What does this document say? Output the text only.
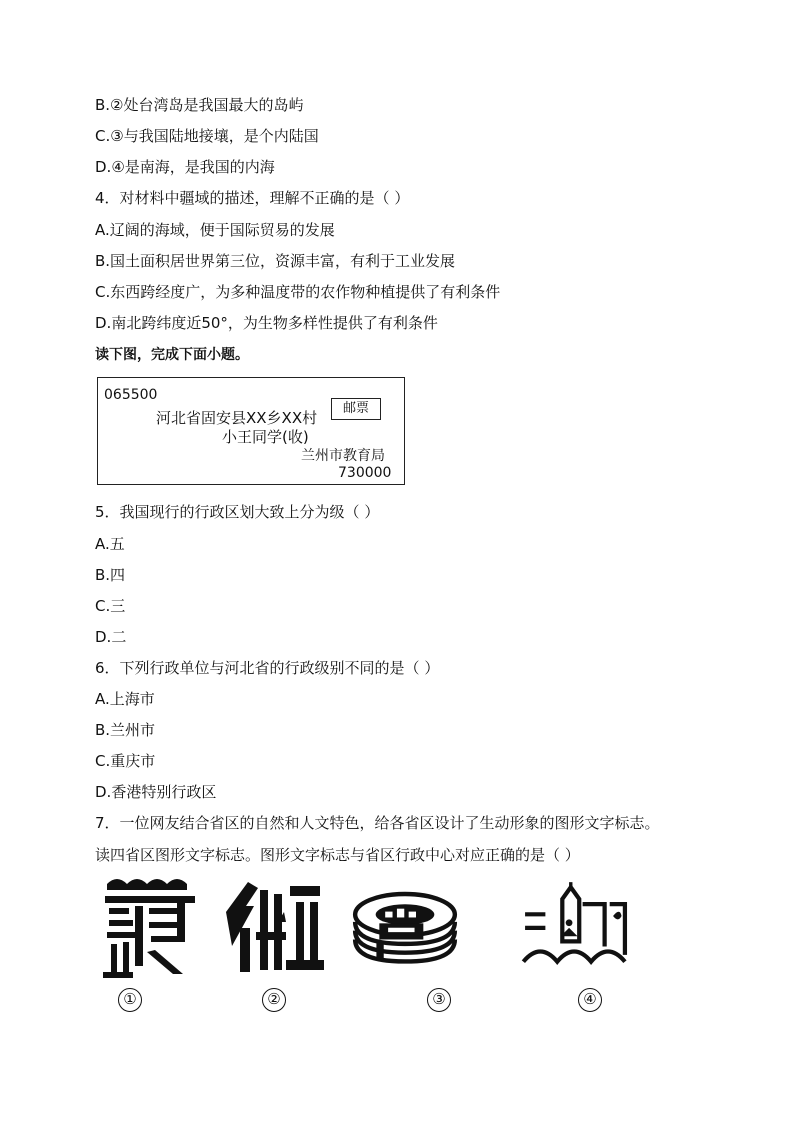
B.②处台湾岛是我国最大的岛屿
C.③与我国陆地接壤，是个内陆国
D.④是南海，是我国的内海
4．对材料中疆域的描述，理解不正确的是（ ）
A.辽阔的海域，便于国际贸易的发展
B.国土面积居世界第三位，资源丰富，有利于工业发展
C.东西跨经度广，为多种温度带的农作物种植提供了有利条件
D.南北跨纬度近50°，为生物多样性提供了有利条件
读下图，完成下面小题。
065500
河北省固安县XX乡XX村
小王同学(收)
兰州市教育局
730000
邮票
5．我国现行的行政区划大致上分为级（ ）
A.五
B.四
C.三
D.二
6．下列行政单位与河北省的行政级别不同的是（ ）
A.上海市
B.兰州市
C.重庆市
D.香港特别行政区
7．一位网友结合省区的自然和人文特色，给各省区设计了生动形象的图形文字标志。
读四省区图形文字标志。图形文字标志与省区行政中心对应正确的是（ ）
①	②	③	④
